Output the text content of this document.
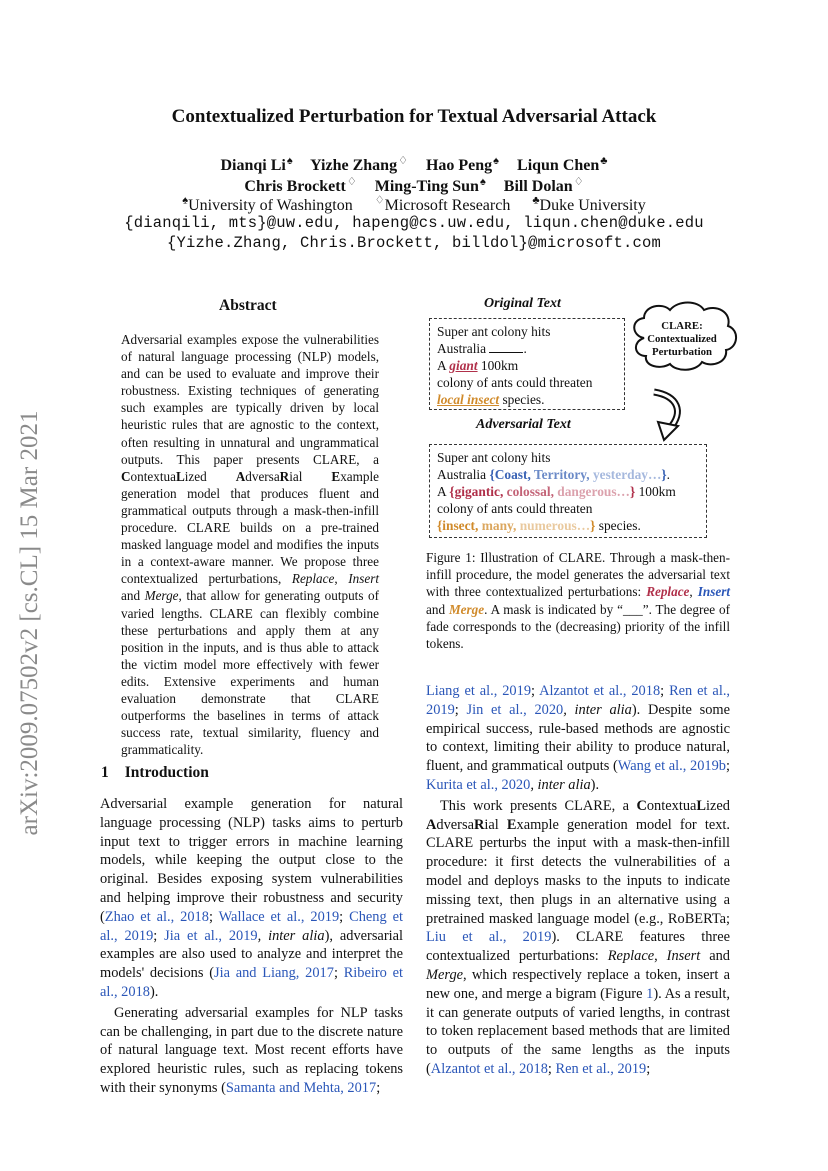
arXiv:2009.07502v2 [cs.CL] 15 Mar 2021
Contextualized Perturbation for Textual Adversarial Attack
Dianqi Li♠ Yizhe Zhang♢ Hao Peng♠ Liqun Chen♣
Chris Brockett♢ Ming-Ting Sun♠ Bill Dolan♢
♠University of Washington ♢Microsoft Research ♣Duke University
{dianqili, mts}@uw.edu, hapeng@cs.uw.edu, liqun.chen@duke.edu
{Yizhe.Zhang, Chris.Brockett, billdol}@microsoft.com
Abstract

Adversarial examples expose the vulnerabilities of natural language processing (NLP) models, and can be used to evaluate and improve their robustness. Existing techniques of generating such examples are typically driven by local heuristic rules that are agnostic to the context, often resulting in unnatural and ungrammatical outputs. This paper presents CLARE, a ContextuaLized AdversaRial Example generation model that produces fluent and grammatical outputs through a mask-then-infill procedure. CLARE builds on a pre-trained masked language model and modifies the inputs in a context-aware manner. We propose three contextualized perturbations, Replace, Insert and Merge, that allow for generating outputs of varied lengths. CLARE can flexibly combine these perturbations and apply them at any position in the inputs, and is thus able to attack the victim model more effectively with fewer edits. Extensive experiments and human evaluation demonstrate that CLARE outperforms the baselines in terms of attack success rate, textual similarity, fluency and grammaticality.

1 Introduction

Adversarial example generation for natural language processing (NLP) tasks aims to perturb input text to trigger errors in machine learning models, while keeping the output close to the original. Besides exposing system vulnerabilities and helping improve their robustness and security (Zhao et al., 2018; Wallace et al., 2019; Cheng et al., 2019; Jia et al., 2019, inter alia), adversarial examples are also used to analyze and interpret the models' decisions (Jia and Liang, 2017; Ribeiro et al., 2018).

Generating adversarial examples for NLP tasks can be challenging, in part due to the discrete nature of natural language text. Most recent efforts have explored heuristic rules, such as replacing tokens with their synonyms (Samanta and Mehta, 2017;

Original Text
Super ant colony hits
Australia	.
A giant 100km
colony of ants could threaten
local insect species.
CLARE: Contextualized Perturbation
Adversarial Text
Super ant colony hits
Australia {Coast, Territory, yesterday…}.
A {gigantic, colossal, dangerous…} 100km
colony of ants could threaten
{insect, many, numerous…} species.
Figure 1: Illustration of CLARE. Through a mask-then-infill procedure, the model generates the adversarial text with three contextualized perturbations: Replace, Insert and Merge. A mask is indicated by “___”. The degree of fade corresponds to the (decreasing) priority of the infill tokens.

Liang et al., 2019; Alzantot et al., 2018; Ren et al., 2019; Jin et al., 2020, inter alia). Despite some empirical success, rule-based methods are agnostic to context, limiting their ability to produce natural, fluent, and grammatical outputs (Wang et al., 2019b; Kurita et al., 2020, inter alia).

This work presents CLARE, a ContextuaLized AdversaRial Example generation model for text. CLARE perturbs the input with a mask-then-infill procedure: it first detects the vulnerabilities of a model and deploys masks to the inputs to indicate missing text, then plugs in an alternative using a pretrained masked language model (e.g., RoBERTa; Liu et al., 2019). CLARE features three contextualized perturbations: Replace, Insert and Merge, which respectively replace a token, insert a new one, and merge a bigram (Figure 1). As a result, it can generate outputs of varied lengths, in contrast to token replacement based methods that are limited to outputs of the same lengths as the inputs (Alzantot et al., 2018; Ren et al., 2019;
